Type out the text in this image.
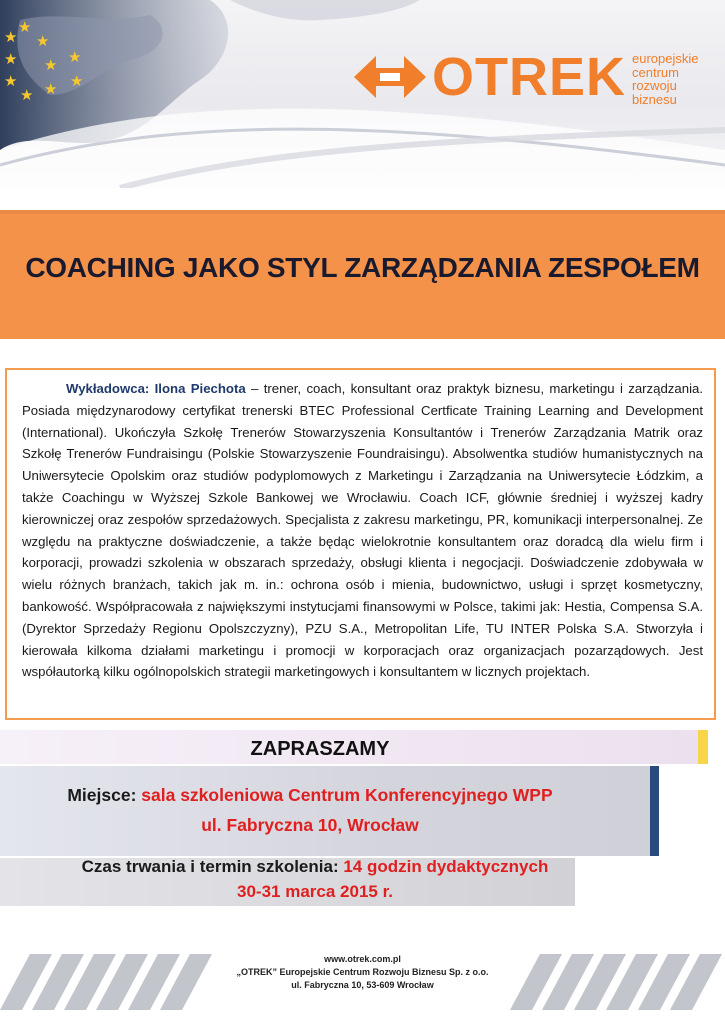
★
★
★
★ ★
★ ★
★
★
★	OTREK europejskie
centrum
rozwoju
biznesu
COACHING JAKO STYL ZARZĄDZANIA ZESPOŁEM
Wykładowca: Ilona Piechota – trener, coach, konsultant oraz praktyk biznesu, marketingu i zarządzania. Posiada międzynarodowy certyfikat trenerski BTEC Professional Certficate Training Learning and Development (International). Ukończyła Szkołę Trenerów Stowarzyszenia Konsultantów i Trenerów Zarządzania Matrik oraz Szkołę Trenerów Fundraisingu (Polskie Stowarzyszenie Foundraisingu). Absolwentka studiów humanistycznych na Uniwersytecie Opolskim oraz studiów podyplomowych z Marketingu i Zarządzania na Uniwersytecie Łódzkim, a także Coachingu w Wyższej Szkole Bankowej we Wrocławiu. Coach ICF, głównie średniej i wyższej kadry kierowniczej oraz zespołów sprzedażowych. Specjalista z zakresu marketingu, PR, komunikacji interpersonalnej. Ze względu na praktyczne doświadczenie, a także będąc wielokrotnie konsultantem oraz doradcą dla wielu firm i korporacji, prowadzi szkolenia w obszarach sprzedaży, obsługi klienta i negocjacji. Doświadczenie zdobywała w wielu różnych branżach, takich jak m. in.: ochrona osób i mienia, budownictwo, usługi i sprzęt kosmetyczny, bankowość. Współpracowała z największymi instytucjami finansowymi w Polsce, takimi jak: Hestia, Compensa S.A. (Dyrektor Sprzedaży Regionu Opolszczyzny), PZU S.A., Metropolitan Life, TU INTER Polska S.A. Stworzyła i kierowała kilkoma działami marketingu i promocji w korporacjach oraz organizacjach pozarządowych. Jest współautorką kilku ogólnopolskich strategii marketingowych i konsultantem w licznych projektach.
ZAPRASZAMY
Miejsce: sala szkoleniowa Centrum Konferencyjnego WPP
ul. Fabryczna 10, Wrocław
Czas trwania i termin szkolenia: 14 godzin dydaktycznych
30-31 marca 2015 r.
www.otrek.com.pl
„OTREK” Europejskie Centrum Rozwoju Biznesu Sp. z o.o.
ul. Fabryczna 10, 53-609 Wrocław
